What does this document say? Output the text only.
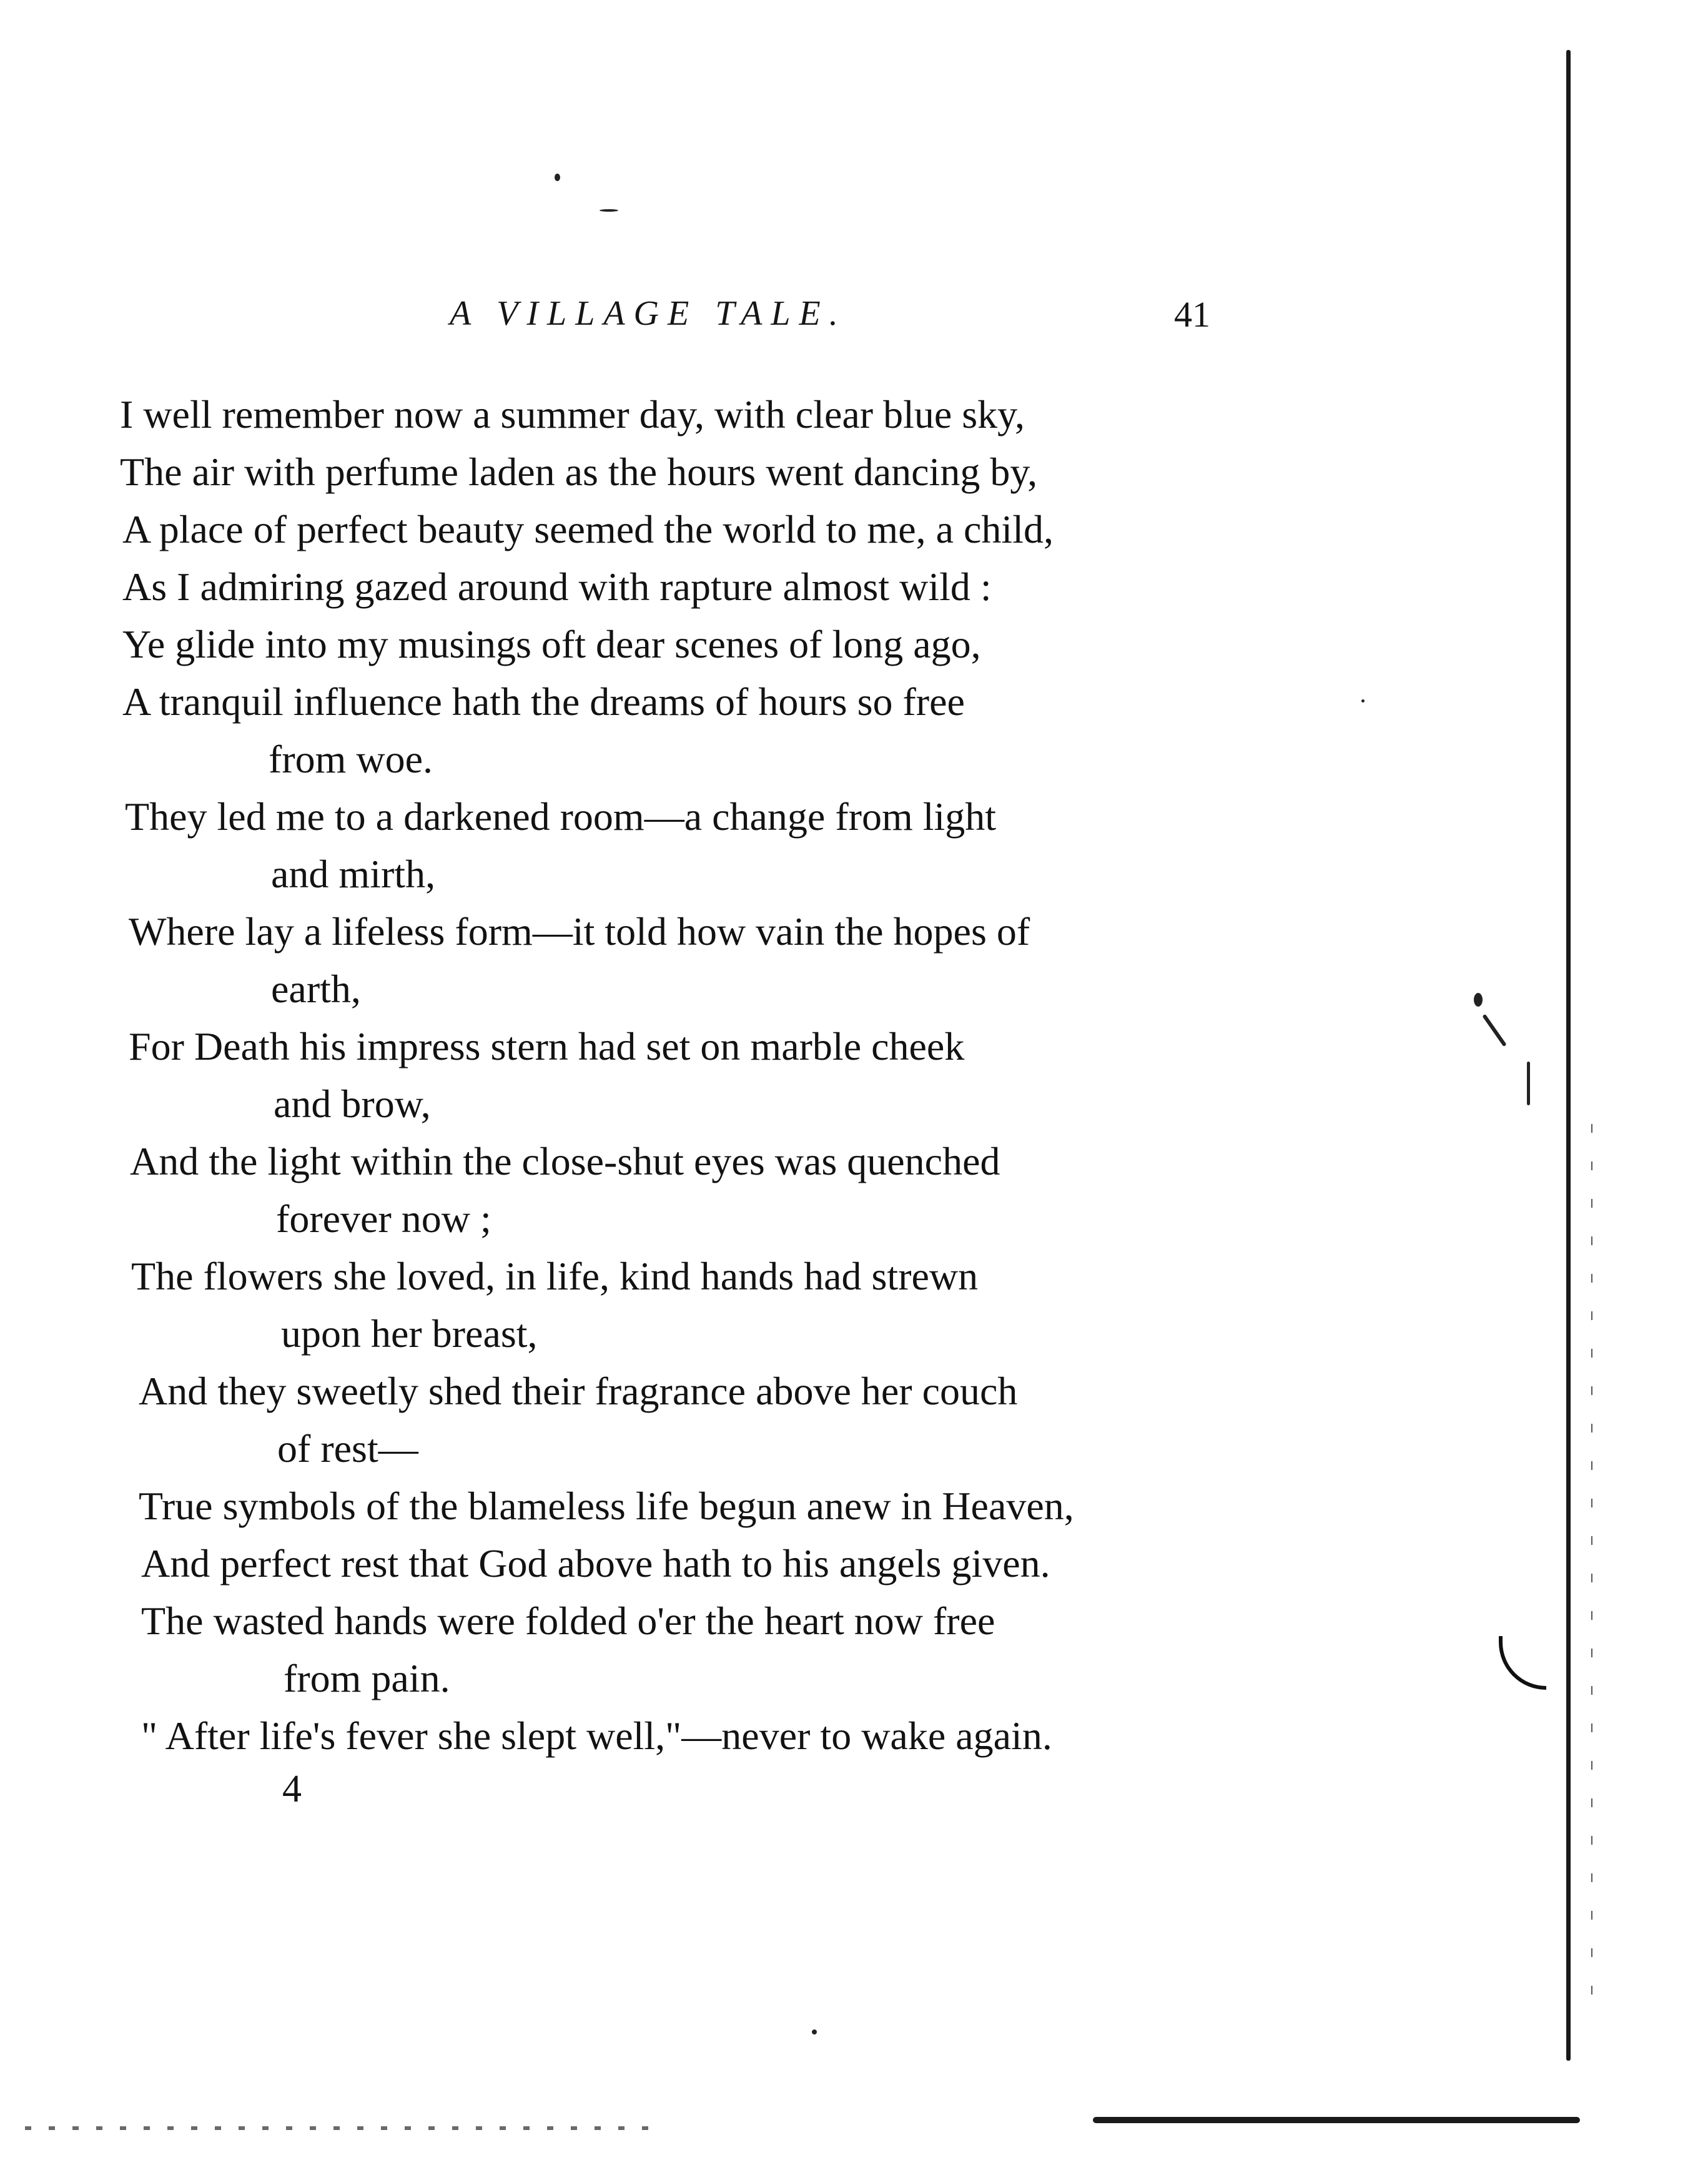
A VILLAGE TALE.	41
I well remember now a summer day, with clear blue sky,
The air with perfume laden as the hours went dancing by,
A place of perfect beauty seemed the world to me, a child,
As I admiring gazed around with rapture almost wild :
Ye glide into my musings oft dear scenes of long ago,
A tranquil influence hath the dreams of hours so free
from woe.
They led me to a darkened room—a change from light
and mirth,
Where lay a lifeless form—it told how vain the hopes of
earth,
For Death his impress stern had set on marble cheek
and brow,
And the light within the close-shut eyes was quenched
forever now ;
The flowers she loved, in life, kind hands had strewn
upon her breast,
And they sweetly shed their fragrance above her couch
of rest—
True symbols of the blameless life begun anew in Heaven,
And perfect rest that God above hath to his angels given.
The wasted hands were folded o'er the heart now free
from pain.
" After life's fever she slept well,"—never to wake again.
4
